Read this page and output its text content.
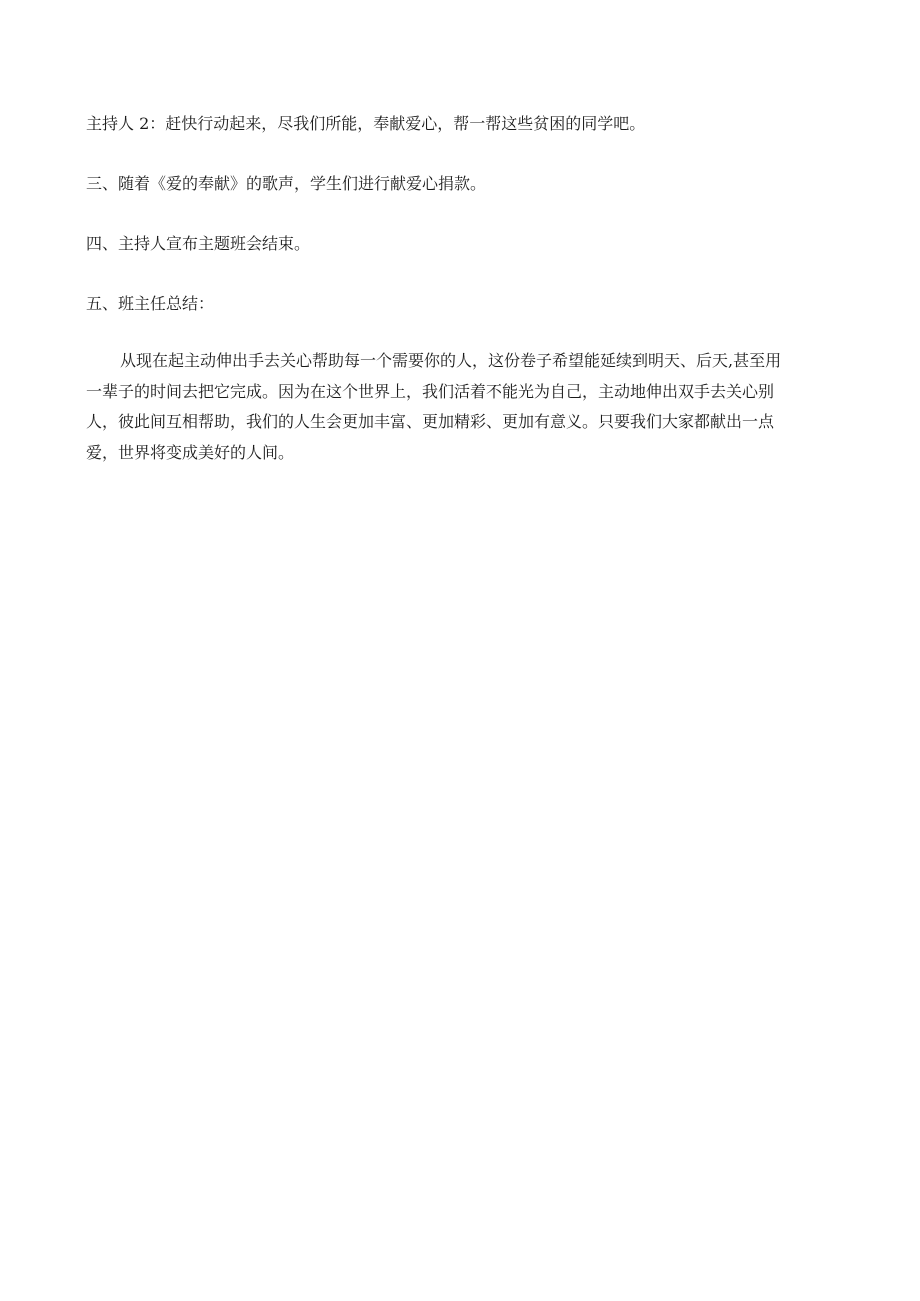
主持人 2：赶快行动起来，尽我们所能，奉献爱心，帮一帮这些贫困的同学吧。
三、随着《爱的奉献》的歌声，学生们进行献爱心捐款。
四、主持人宣布主题班会结束。
五、班主任总结：
从现在起主动伸出手去关心帮助每一个需要你的人，这份卷子希望能延续到明天、后天,甚至用
一辈子的时间去把它完成。因为在这个世界上，我们活着不能光为自己，主动地伸出双手去关心别
人，彼此间互相帮助，我们的人生会更加丰富、更加精彩、更加有意义。只要我们大家都献出一点
爱，世界将变成美好的人间。
